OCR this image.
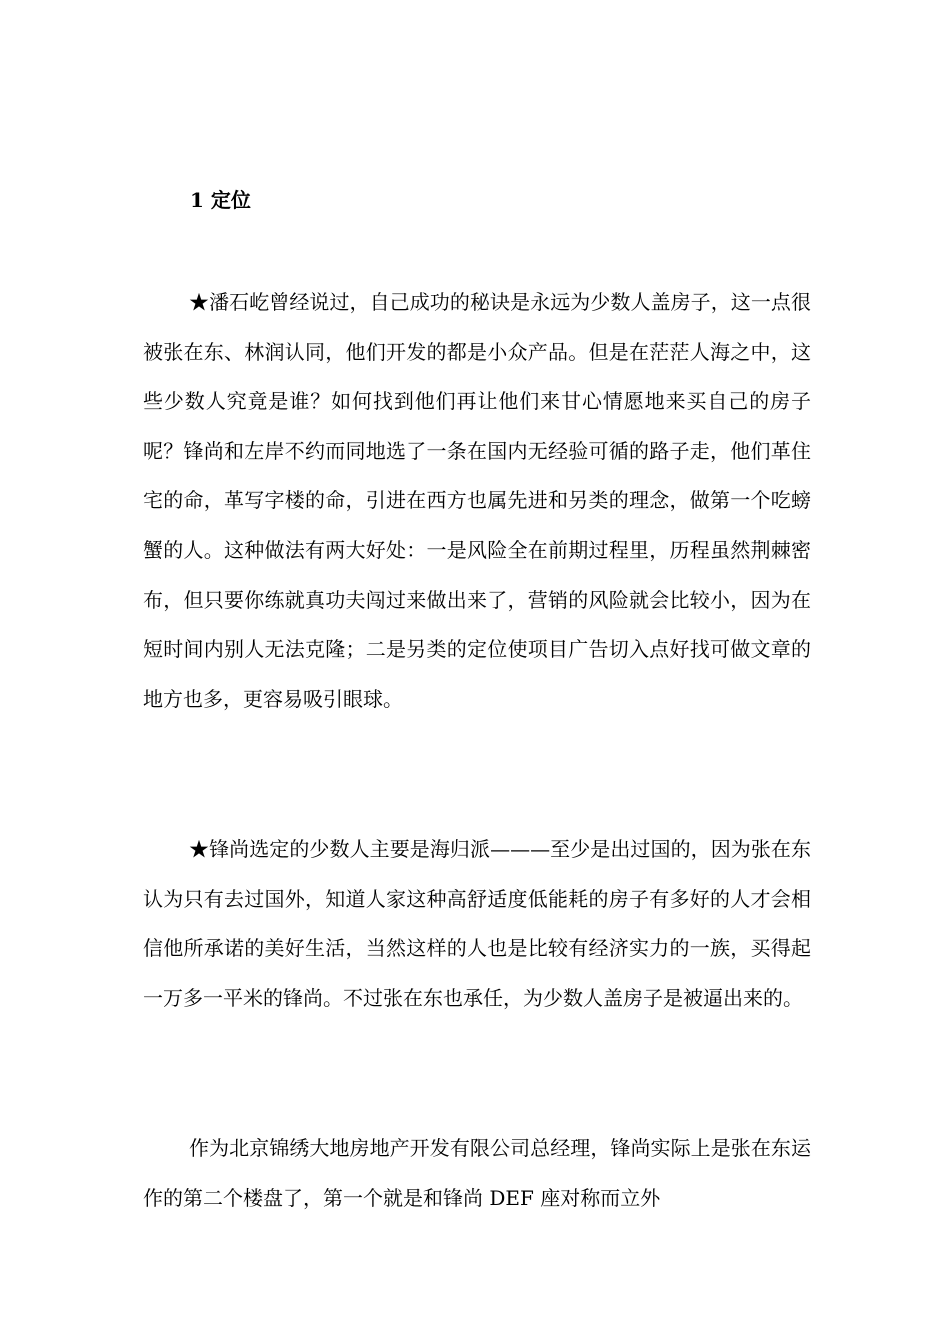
1 定位

★潘石屹曾经说过，自己成功的秘诀是永远为少数人盖房子，这一点很被张在东、林润认同，他们开发的都是小众产品。但是在茫茫人海之中，这些少数人究竟是谁？如何找到他们再让他们来甘心情愿地来买自己的房子呢？锋尚和左岸不约而同地选了一条在国内无经验可循的路子走，他们革住宅的命，革写字楼的命，引进在西方也属先进和另类的理念，做第一个吃螃蟹的人。这种做法有两大好处：一是风险全在前期过程里，历程虽然荆棘密布，但只要你练就真功夫闯过来做出来了，营销的风险就会比较小，因为在短时间内别人无法克隆；二是另类的定位使项目广告切入点好找可做文章的地方也多，更容易吸引眼球。

★锋尚选定的少数人主要是海归派———至少是出过国的，因为张在东认为只有去过国外，知道人家这种高舒适度低能耗的房子有多好的人才会相信他所承诺的美好生活，当然这样的人也是比较有经济实力的一族，买得起一万多一平米的锋尚。不过张在东也承任，为少数人盖房子是被逼出来的。

作为北京锦绣大地房地产开发有限公司总经理，锋尚实际上是张在东运作的第二个楼盘了，第一个就是和锋尚 DEF 座对称而立外
